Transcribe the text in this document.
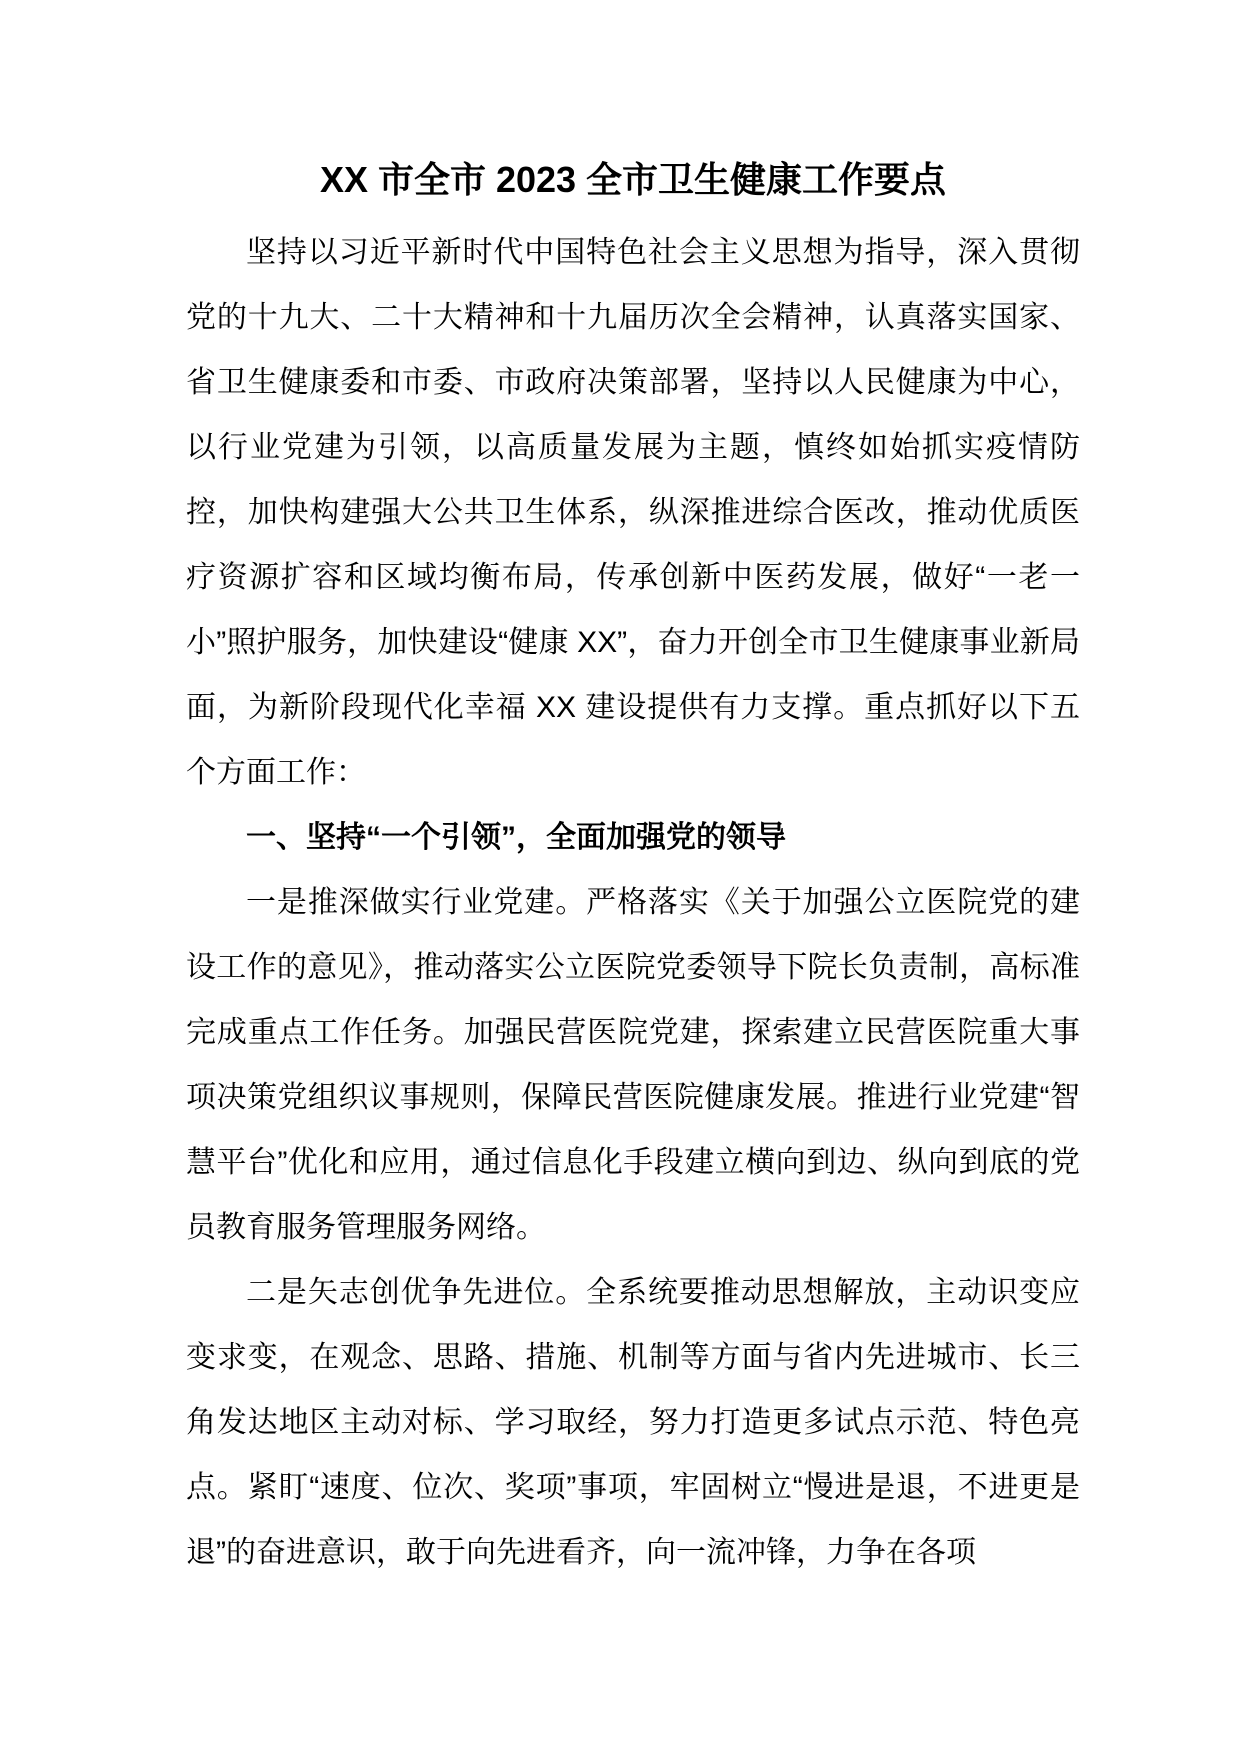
XX 市全市 2023 全市卫生健康工作要点

坚持以习近平新时代中国特色社会主义思想为指导，深入贯彻党的十九大、二十大精神和十九届历次全会精神，认真落实国家、省卫生健康委和市委、市政府决策部署，坚持以人民健康为中心，以行业党建为引领，以高质量发展为主题，慎终如始抓实疫情防控，加快构建强大公共卫生体系，纵深推进综合医改，推动优质医疗资源扩容和区域均衡布局，传承创新中医药发展，做好“一老一小”照护服务，加快建设“健康 XX”，奋力开创全市卫生健康事业新局面，为新阶段现代化幸福 XX 建设提供有力支撑。重点抓好以下五个方面工作：

一、坚持“一个引领”，全面加强党的领导

一是推深做实行业党建。严格落实《关于加强公立医院党的建设工作的意见》，推动落实公立医院党委领导下院长负责制，高标准完成重点工作任务。加强民营医院党建，探索建立民营医院重大事项决策党组织议事规则，保障民营医院健康发展。推进行业党建“智慧平台”优化和应用，通过信息化手段建立横向到边、纵向到底的党员教育服务管理服务网络。

二是矢志创优争先进位。全系统要推动思想解放，主动识变应变求变，在观念、思路、措施、机制等方面与省内先进城市、长三角发达地区主动对标、学习取经，努力打造更多试点示范、特色亮点。紧盯“速度、位次、奖项”事项，牢固树立“慢进是退，不进更是退”的奋进意识，敢于向先进看齐，向一流冲锋，力争在各项
